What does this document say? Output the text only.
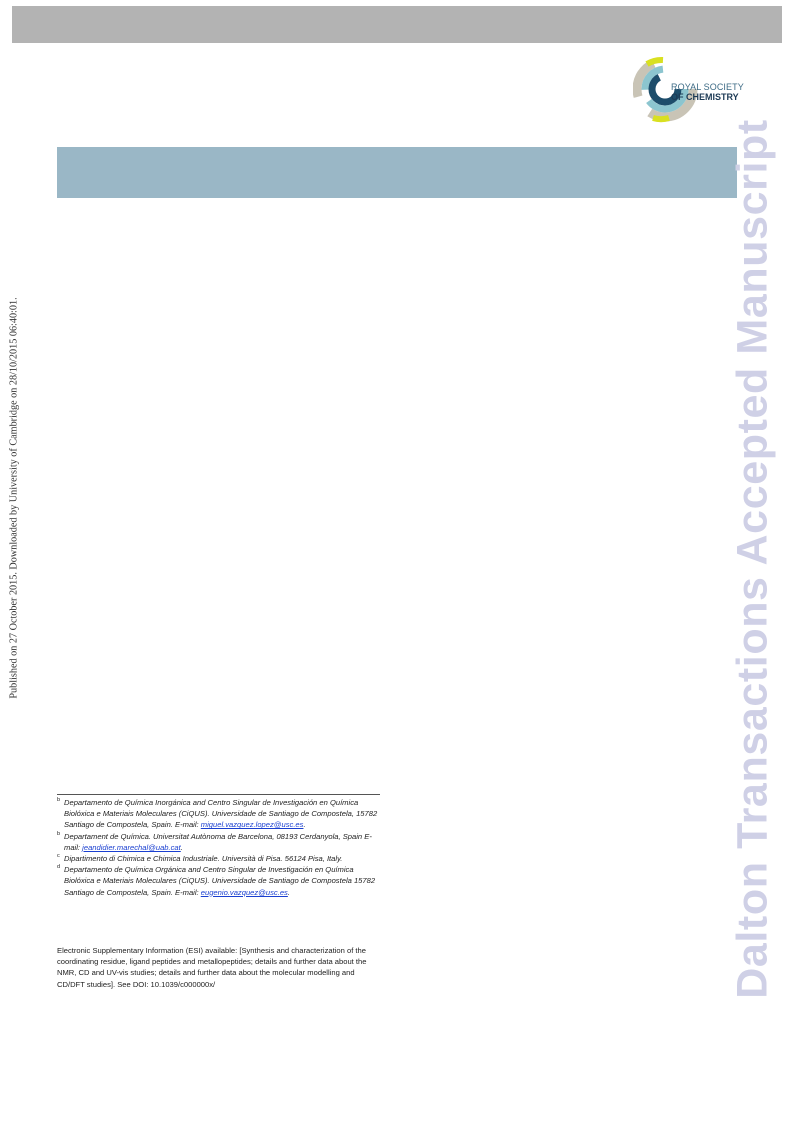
ROYAL SOCIETY
OF CHEMISTRY
Published on 27 October 2015. Downloaded by University of Cambridge on 28/10/2015 06:40:01.	Dalton Transactions Accepted Manuscript
b Departamento de Química Inorgánica and Centro Singular de Investigación en Química Biolóxica e Materiais Moleculares (CiQUS). Universidade de Santiago de Compostela, 15782 Santiago de Compostela, Spain. E-mail: miguel.vazquez.lopez@usc.es.
b Departament de Química. Universitat Autònoma de Barcelona, 08193 Cerdanyola, Spain E-mail: jeandidier.marechal@uab.cat.
c Dipartimento di Chimica e Chimica Industriale. Università di Pisa. 56124 Pisa, Italy.
d Departamento de Química Orgánica and Centro Singular de Investigación en Química Biolóxica e Materiais Moleculares (CiQUS). Universidade de Santiago de Compostela 15782 Santiago de Compostela, Spain. E-mail: eugenio.vazquez@usc.es.
Electronic Supplementary Information (ESI) available: [Synthesis and characterization of the coordinating residue, ligand peptides and metallopeptides; details and further data about the NMR, CD and UV-vis studies; details and further data about the molecular modelling and CD/DFT studies]. See DOI: 10.1039/c000000x/
